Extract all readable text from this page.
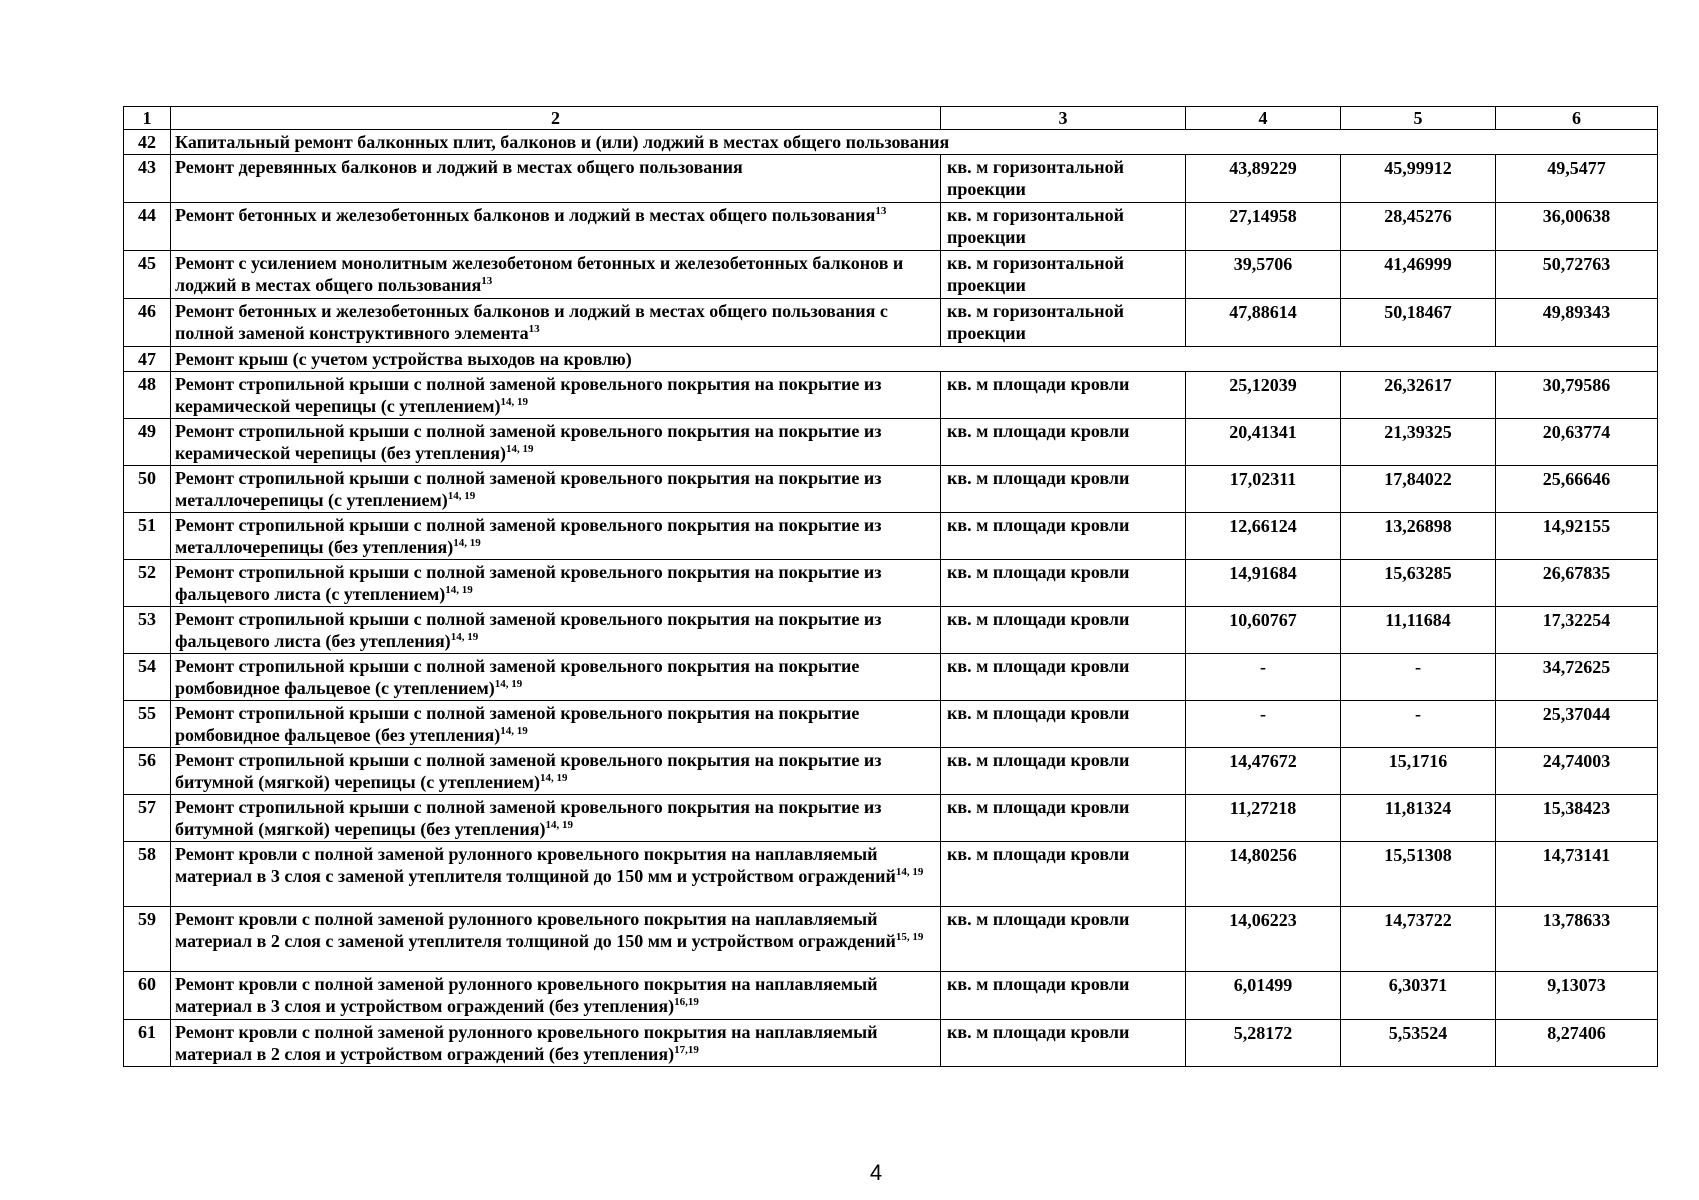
1	2	3	4	5	6
42	Капитальный ремонт балконных плит, балконов и (или) лоджий в местах общего пользования				
43	Ремонт деревянных балконов и лоджий в местах общего пользования	кв. м горизонтальной проекции	43,89229	45,99912	49,5477
44	Ремонт бетонных и железобетонных балконов и лоджий в местах общего пользования$^{13}$	кв. м горизонтальной проекции	27,14958	28,45276	36,00638
45	Ремонт с усилением монолитным железобетоном бетонных и железобетонных балконов и лоджий в местах общего пользования$^{13}$	кв. м горизонтальной проекции	39,5706	41,46999	50,72763
46	Ремонт бетонных и железобетонных балконов и лоджий в местах общего пользования с полной заменой конструктивного элемента$^{13}$	кв. м горизонтальной проекции	47,88614	50,18467	49,89343
47	Ремонт крыш (с учетом устройства выходов на кровлю)				
48	Ремонт стропильной крыши с полной заменой кровельного покрытия на покрытие из керамической черепицы (с утеплением)$^{14, 19}$	кв. м площади кровли	25,12039	26,32617	30,79586
49	Ремонт стропильной крыши с полной заменой кровельного покрытия на покрытие из керамической черепицы (без утепления)$^{14, 19}$	кв. м площади кровли	20,41341	21,39325	20,63774
50	Ремонт стропильной крыши с полной заменой кровельного покрытия на покрытие из металлочерепицы (с утеплением)$^{14, 19}$	кв. м площади кровли	17,02311	17,84022	25,66646
51	Ремонт стропильной крыши с полной заменой кровельного покрытия на покрытие из металлочерепицы (без утепления)$^{14, 19}$	кв. м площади кровли	12,66124	13,26898	14,92155
52	Ремонт стропильной крыши с полной заменой кровельного покрытия на покрытие из фальцевого листа (с утеплением)$^{14, 19}$	кв. м площади кровли	14,91684	15,63285	26,67835
53	Ремонт стропильной крыши с полной заменой кровельного покрытия на покрытие из фальцевого листа (без утепления)$^{14, 19}$	кв. м площади кровли	10,60767	11,11684	17,32254
54	Ремонт стропильной крыши с полной заменой кровельного покрытия на покрытие ромбовидное фальцевое (с утеплением)$^{14, 19}$	кв. м площади кровли	-	-	34,72625
55	Ремонт стропильной крыши с полной заменой кровельного покрытия на покрытие ромбовидное фальцевое (без утепления)$^{14, 19}$	кв. м площади кровли	-	-	25,37044
56	Ремонт стропильной крыши с полной заменой кровельного покрытия на покрытие из битумной (мягкой) черепицы (с утеплением)$^{14, 19}$	кв. м площади кровли	14,47672	15,1716	24,74003
57	Ремонт стропильной крыши с полной заменой кровельного покрытия на покрытие из битумной (мягкой) черепицы (без утепления)$^{14, 19}$	кв. м площади кровли	11,27218	11,81324	15,38423
58	Ремонт кровли с полной заменой рулонного кровельного покрытия на наплавляемый материал в 3 слоя с заменой утеплителя толщиной до 150 мм и устройством ограждений$^{14, 19}$	кв. м площади кровли	14,80256	15,51308	14,73141
59	Ремонт кровли с полной заменой рулонного кровельного покрытия на наплавляемый материал в 2 слоя с заменой утеплителя толщиной до 150 мм и устройством ограждений$^{15, 19}$	кв. м площади кровли	14,06223	14,73722	13,78633
60	Ремонт кровли с полной заменой рулонного кровельного покрытия на наплавляемый материал в 3 слоя и устройством ограждений (без утепления)$^{16,19}$	кв. м площади кровли	6,01499	6,30371	9,13073
61	Ремонт кровли с полной заменой рулонного кровельного покрытия на наплавляемый материал в 2 слоя и устройством ограждений (без утепления)$^{17,19}$	кв. м площади кровли	5,28172	5,53524	8,27406
4
